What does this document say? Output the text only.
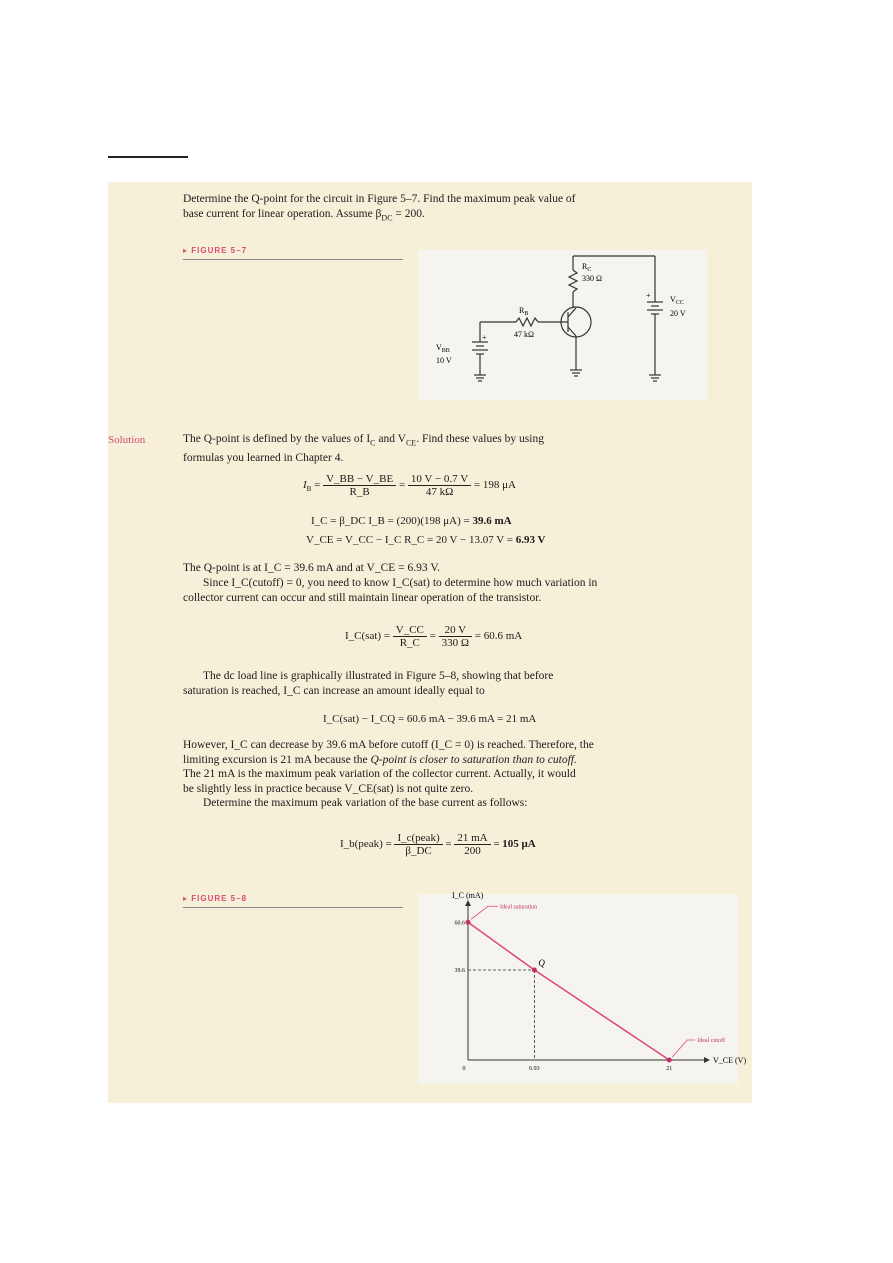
Determine the Q-point for the circuit in Figure 5–7. Find the maximum peak value of
base current for linear operation. Assume $\beta_{DC} = 200$.
▸ FIGURE 5–7
$R_C$
330 Ω
$R_B$
47 kΩ
$V_{CC}$
20 V
+
$V_{BB}$
10 V
+
Solution	The Q-point is defined by the values of $I_C$ and $V_{CE}$. Find these values by using
formulas you learned in Chapter 4.
$I_B = \frac{V\_BB - V\_BE}{R\_B} = \frac{10 V - 0.7 V}{47 k\Omega} = 198$ μA
I_C = β_DC I_B = (200)(198 μA) = 39.6 mA
V_CE = V_CC − I_C R_C = 20 V − 13.07 V = 6.93 V
The Q-point is at I_C = 39.6 mA and at V_CE = 6.93 V.
Since I_C(cutoff) = 0, you need to know I_C(sat) to determine how much variation in
collector current can occur and still maintain linear operation of the transistor.
I_C(sat) = $\frac{V\_CC}{R\_C} = \frac{20 V}{330 \Omega} = 60.6$ mA
The dc load line is graphically illustrated in Figure 5–8, showing that before
saturation is reached, I_C can increase an amount ideally equal to
I_C(sat) − I_CQ = 60.6 mA − 39.6 mA = 21 mA
However, I_C can decrease by 39.6 mA before cutoff (I_C = 0) is reached. Therefore, the
limiting excursion is 21 mA because the Q-point is closer to saturation than to cutoff.
The 21 mA is the maximum peak variation of the collector current. Actually, it would
be slightly less in practice because V_CE(sat) is not quite zero.
Determine the maximum peak variation of the base current as follows:
I_b(peak) = $\frac{\text{I\_c(peak)}}{\beta\_DC} = \frac{21 mA}{200} = 105$ μA
▸ FIGURE 5–8	I_C (mA)
V_CE (V)
Q
60.6
39.6
0	6.93	21
Ideal saturation
Ideal cutoff
